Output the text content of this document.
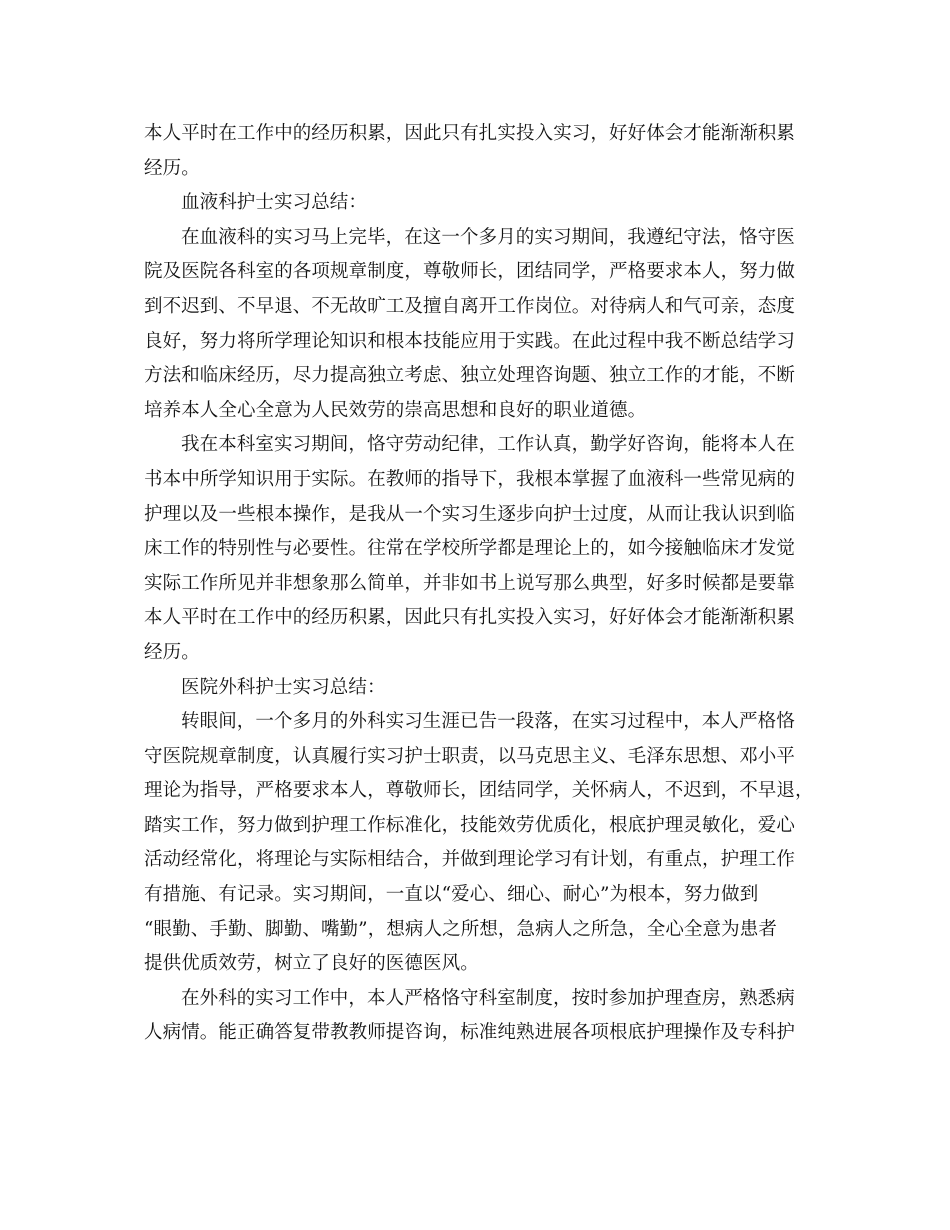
本人平时在工作中的经历积累，因此只有扎实投入实习，好好体会才能渐渐积累
经历。
血液科护士实习总结：
在血液科的实习马上完毕，在这一个多月的实习期间，我遵纪守法，恪守医
院及医院各科室的各项规章制度，尊敬师长，团结同学，严格要求本人，努力做
到不迟到、不早退、不无故旷工及擅自离开工作岗位。对待病人和气可亲，态度
良好，努力将所学理论知识和根本技能应用于实践。在此过程中我不断总结学习
方法和临床经历，尽力提高独立考虑、独立处理咨询题、独立工作的才能，不断
培养本人全心全意为人民效劳的崇高思想和良好的职业道德。
我在本科室实习期间，恪守劳动纪律，工作认真，勤学好咨询，能将本人在
书本中所学知识用于实际。在教师的指导下，我根本掌握了血液科一些常见病的
护理以及一些根本操作，是我从一个实习生逐步向护士过度，从而让我认识到临
床工作的特别性与必要性。往常在学校所学都是理论上的，如今接触临床才发觉
实际工作所见并非想象那么简单，并非如书上说写那么典型，好多时候都是要靠
本人平时在工作中的经历积累，因此只有扎实投入实习，好好体会才能渐渐积累
经历。
医院外科护士实习总结：
转眼间，一个多月的外科实习生涯已告一段落，在实习过程中，本人严格恪
守医院规章制度，认真履行实习护士职责，以马克思主义、毛泽东思想、邓小平
理论为指导，严格要求本人，尊敬师长，团结同学，关怀病人，不迟到，不早退，
踏实工作，努力做到护理工作标准化，技能效劳优质化，根底护理灵敏化，爱心
活动经常化，将理论与实际相结合，并做到理论学习有计划，有重点，护理工作
有措施、有记录。实习期间，一直以“爱心、细心、耐心”为根本，努力做到
“眼勤、手勤、脚勤、嘴勤”，想病人之所想，急病人之所急，全心全意为患者
提供优质效劳，树立了良好的医德医风。
在外科的实习工作中，本人严格恪守科室制度，按时参加护理查房，熟悉病
人病情。能正确答复带教教师提咨询，标准纯熟进展各项根底护理操作及专科护
